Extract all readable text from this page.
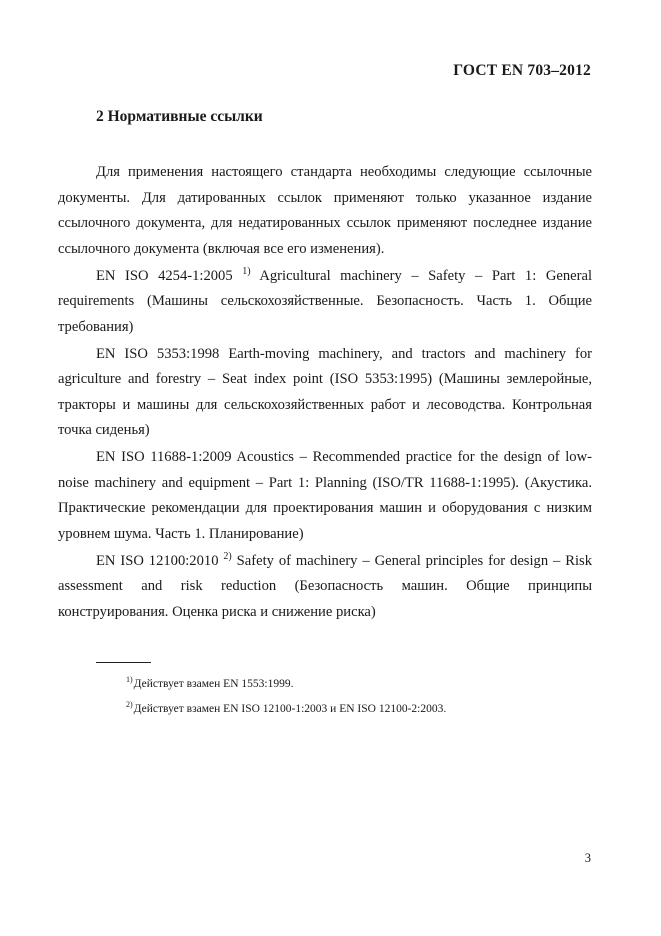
ГОСТ EN 703–2012
2 Нормативные ссылки

Для применения настоящего стандарта необходимы следующие ссылочные документы. Для датированных ссылок применяют только указанное издание ссылочного документа, для недатированных ссылок применяют последнее издание ссылочного документа (включая все его изменения).

EN ISO 4254-1:2005 $^{1)}$ Agricultural machinery – Safety – Part 1: General requirements (Машины сельскохозяйственные. Безопасность. Часть 1. Общие требования)

EN ISO 5353:1998 Earth-moving machinery, and tractors and machinery for agriculture and forestry – Seat index point (ISO 5353:1995) (Машины землеройные, тракторы и машины для сельскохозяйственных работ и лесоводства. Контрольная точка сиденья)

EN ISO 11688-1:2009 Acoustics – Recommended practice for the design of low-noise machinery and equipment – Part 1: Planning (ISO/TR 11688-1:1995). (Акустика. Практические рекомендации для проектирования машин и оборудования с низким уровнем шума. Часть 1. Планирование)

EN ISO 12100:2010 $^{2)}$ Safety of machinery – General principles for design – Risk assessment and risk reduction (Безопасность машин. Общие принципы конструирования. Оценка риска и снижение риска)

$^{1)}$Действует взамен EN 1553:1999.
$^{2)}$Действует взамен EN ISO 12100-1:2003 и EN ISO 12100-2:2003.
3
